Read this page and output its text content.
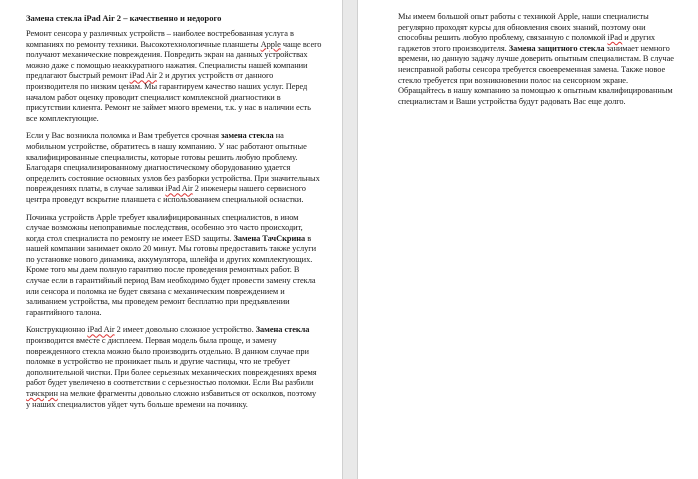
Замена стекла iPad Air 2 – качественно и недорого
Ремонт сенсора у различных устройств – наиболее востребованная услуга в компаниях по ремонту техники. Высокотехнологичные планшеты Apple чаще всего получают механические повреждения. Повредить экран на данных устройствах можно даже с помощью неаккуратного нажатия. Специалисты нашей компании предлагают быстрый ремонт iPad Air 2 и других устройств от данного производителя по низким ценам. Мы гарантируем качество наших услуг. Перед началом работ оценку проводит специалист комплексной диагностики в присутствии клиента. Ремонт не займет много времени, т.к. у нас в наличии есть все комплектующие.
Если у Вас возникла поломка и Вам требуется срочная замена стекла на мобильном устройстве, обратитесь в нашу компанию. У нас работают опытные квалифицированные специалисты, которые готовы решить любую проблему. Благодаря специализированному диагностическому оборудованию удается определить состояние основных узлов без разборки устройства. При значительных повреждениях платы, в случае заливки iPad Air 2 инженеры нашего сервисного центра проведут вскрытие планшета с использованием специальной оснастки.
Починка устройств Apple требует квалифицированных специалистов, в ином случае возможны непоправимые последствия, особенно это часто происходит, когда стол специалиста по ремонту не имеет ESD защиты. Замена ТачСкрина в нашей компании занимает около 20 минут. Мы готовы предоставить также услуги по установке нового динамика, аккумулятора, шлейфа и других комплектующих. Кроме того мы даем полную гарантию после проведения ремонтных работ. В случае если в гарантийный период Вам необходимо будет провести замену стекла или сенсора и поломка не будет связана с механическим повреждением и заливанием устройства, мы проведем ремонт бесплатно при предъявлении гарантийного талона.
Конструкционно iPad Air 2 имеет довольно сложное устройство. Замена стекла производится вместе с дисплеем. Первая модель была проще, и замену поврежденного стекла можно было производить отдельно. В данном случае при поломке в устройство не проникает пыль и другие частицы, что не требует дополнительной чистки. При более серьезных механических повреждениях время работ будет увеличено в соответствии с серьезностью поломки. Если Вы разбили тачскрин на мелкие фрагменты довольно сложно избавиться от осколков, поэтому у наших специалистов уйдет чуть больше времени на починку.
Мы имеем большой опыт работы с техникой Apple, наши специалисты регулярно проходят курсы для обновления своих знаний, поэтому они способны решить любую проблему, связанную с поломкой iPad и других гаджетов этого производителя. Замена защитного стекла занимает немного времени, но данную задачу лучше доверить опытным специалистам. В случае неисправной работы сенсора требуется своевременная замена. Также новое стекло требуется при возникновении полос на сенсорном экране. Обращайтесь в нашу компанию за помощью к опытным квалифицированным специалистам и Ваши устройства будут радовать Вас еще долго.
